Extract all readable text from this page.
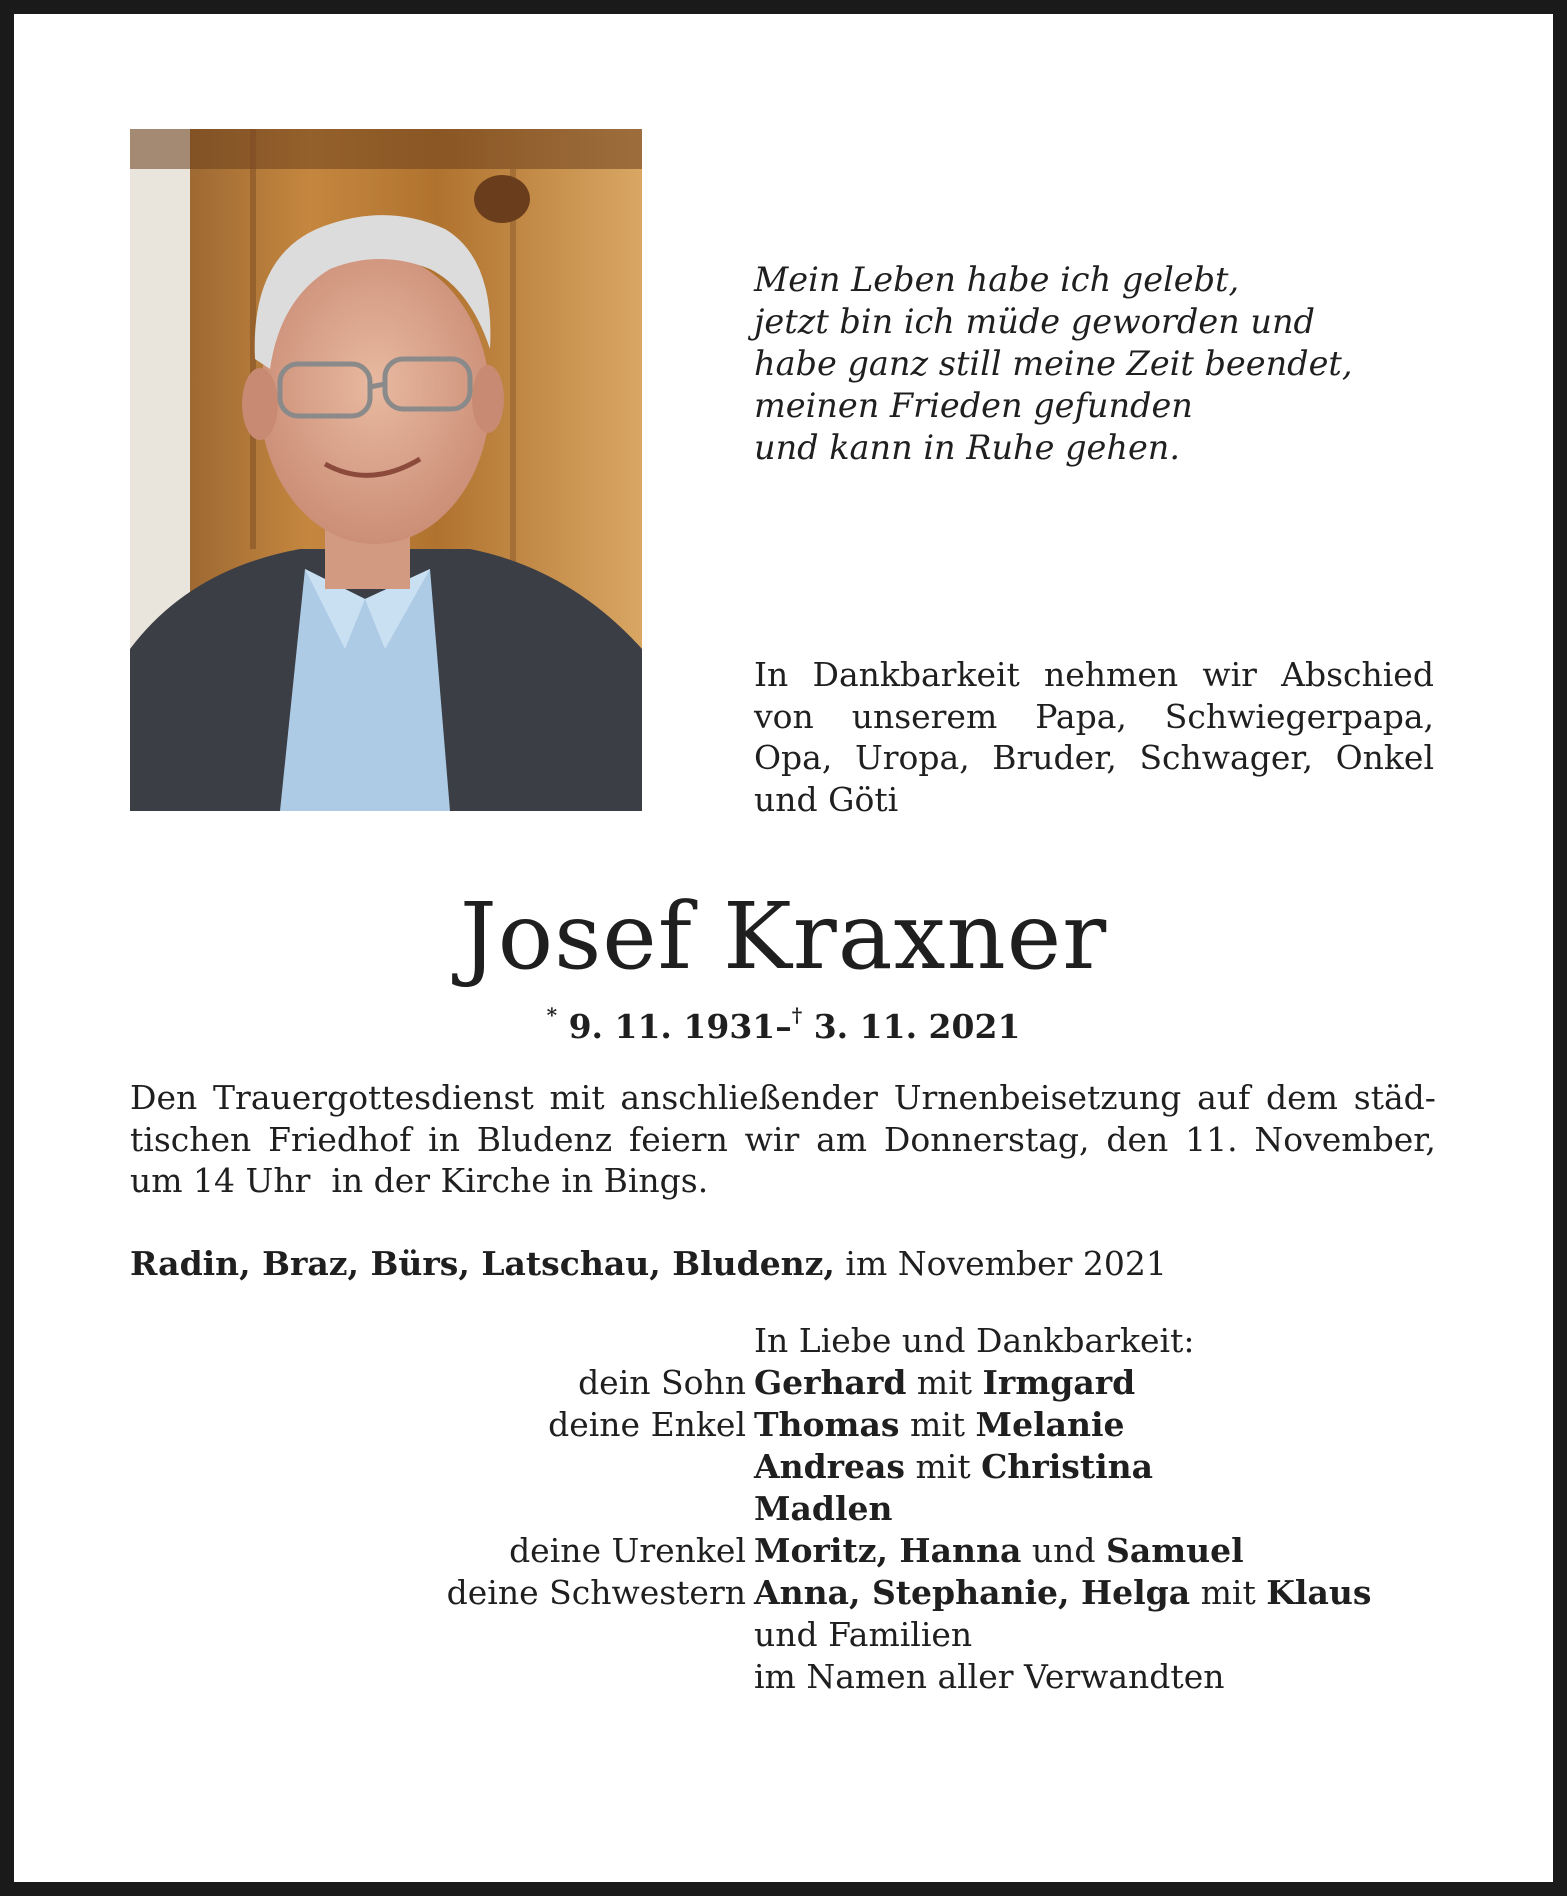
Mein Leben habe ich gelebt,
jetzt bin ich müde geworden und
habe ganz still meine Zeit beendet,
meinen Frieden gefunden
und kann in Ruhe gehen.
In Dankbarkeit nehmen wir Abschied
von unserem Papa, Schwiegerpapa,
Opa, Uropa, Bruder, Schwager, Onkel
und Göti
Josef Kraxner
* 9. 11. 1931–† 3. 11. 2021
Den Trauergottesdienst mit anschließender Urnenbeisetzung auf dem städ-
tischen Friedhof in Bludenz feiern wir am Donnerstag, den 11. November,
um 14 Uhr  in der Kirche in Bings.
Radin, Braz, Bürs, Latschau, Bludenz, im November 2021
In Liebe und Dankbarkeit:
dein Sohn Gerhard mit Irmgard
deine Enkel Thomas mit Melanie
Andreas mit Christina
Madlen
deine Urenkel Moritz, Hanna und Samuel
deine Schwestern Anna, Stephanie, Helga mit Klaus
und Familien
im Namen aller Verwandten
